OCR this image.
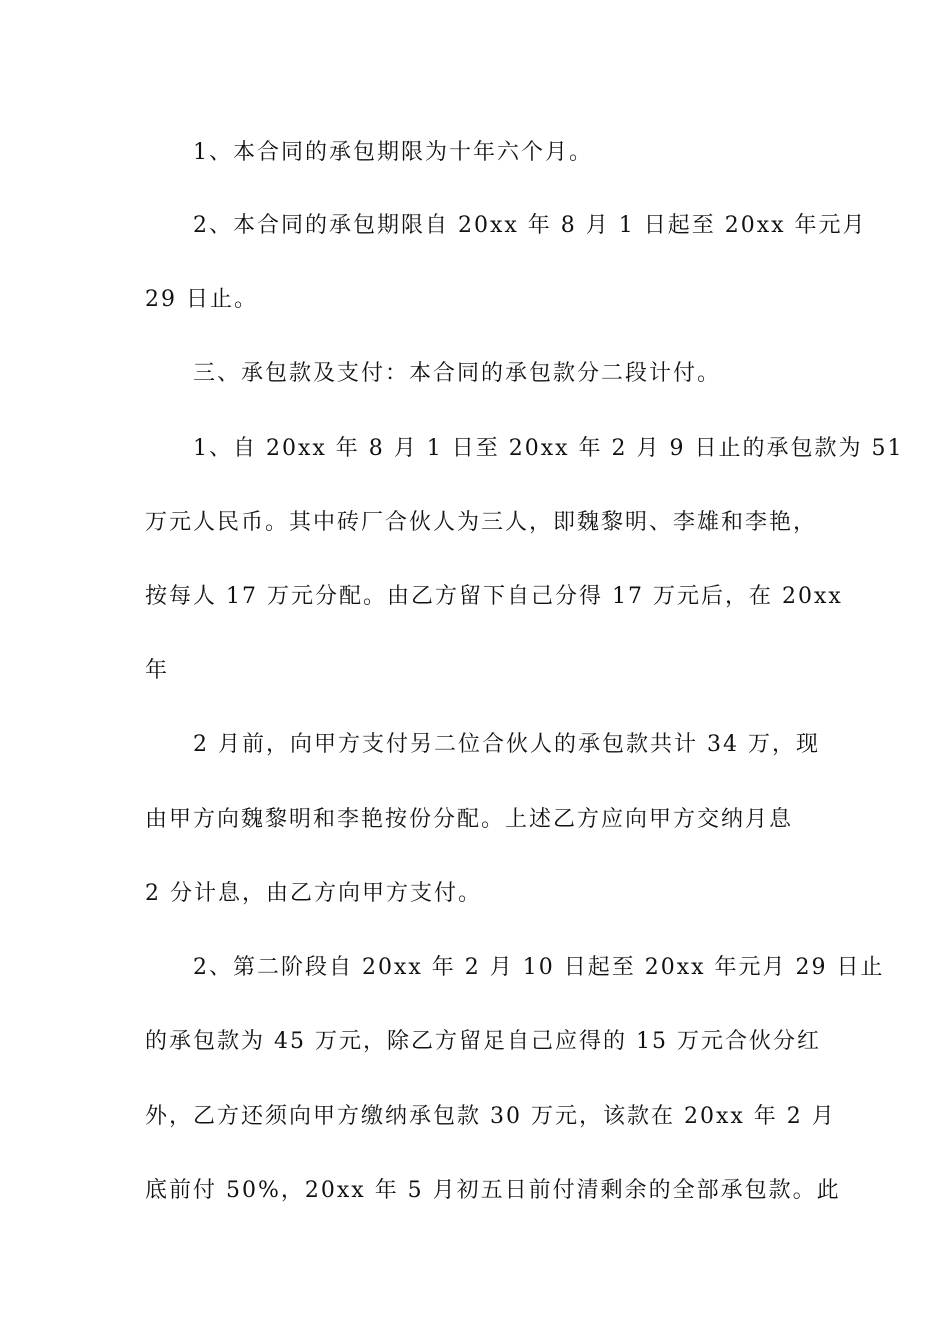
1、本合同的承包期限为十年六个月。
2、本合同的承包期限自 20xx 年 8 月 1 日起至 20xx 年元月
29 日止。
三、承包款及支付：本合同的承包款分二段计付。
1、自 20xx 年 8 月 1 日至 20xx 年 2 月 9 日止的承包款为 51
万元人民币。其中砖厂合伙人为三人，即魏黎明、李雄和李艳，
按每人 17 万元分配。由乙方留下自己分得 17 万元后，在 20xx
年
2 月前，向甲方支付另二位合伙人的承包款共计 34 万，现
由甲方向魏黎明和李艳按份分配。上述乙方应向甲方交纳月息
2 分计息，由乙方向甲方支付。
2、第二阶段自 20xx 年 2 月 10 日起至 20xx 年元月 29 日止
的承包款为 45 万元，除乙方留足自己应得的 15 万元合伙分红
外，乙方还须向甲方缴纳承包款 30 万元，该款在 20xx 年 2 月
底前付 50%，20xx 年 5 月初五日前付清剩余的全部承包款。此
